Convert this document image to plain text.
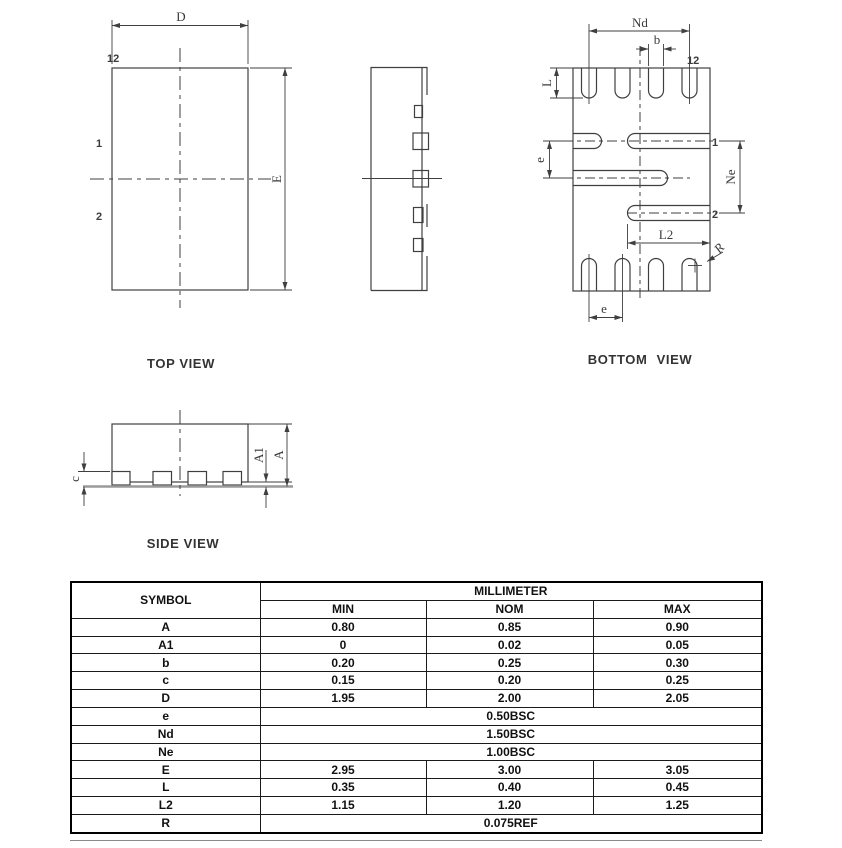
D
E
12
1
2
Nd
b
L
e
Ne
L2
R
e
1
2
12
c
A1 A
TOP VIEW	BOTTOM VIEW
SIDE VIEW
SYMBOL	MILLIMETER		
	MIN	NOM	MAX
A	0.80	0.85	0.90
A1	0	0.02	0.05
b	0.20	0.25	0.30
c	0.15	0.20	0.25
D	1.95	2.00	2.05
e	0.50BSC		
Nd	1.50BSC		
Ne	1.00BSC		
E	2.95	3.00	3.05
L	0.35	0.40	0.45
L2	1.15	1.20	1.25
R	0.075REF		
